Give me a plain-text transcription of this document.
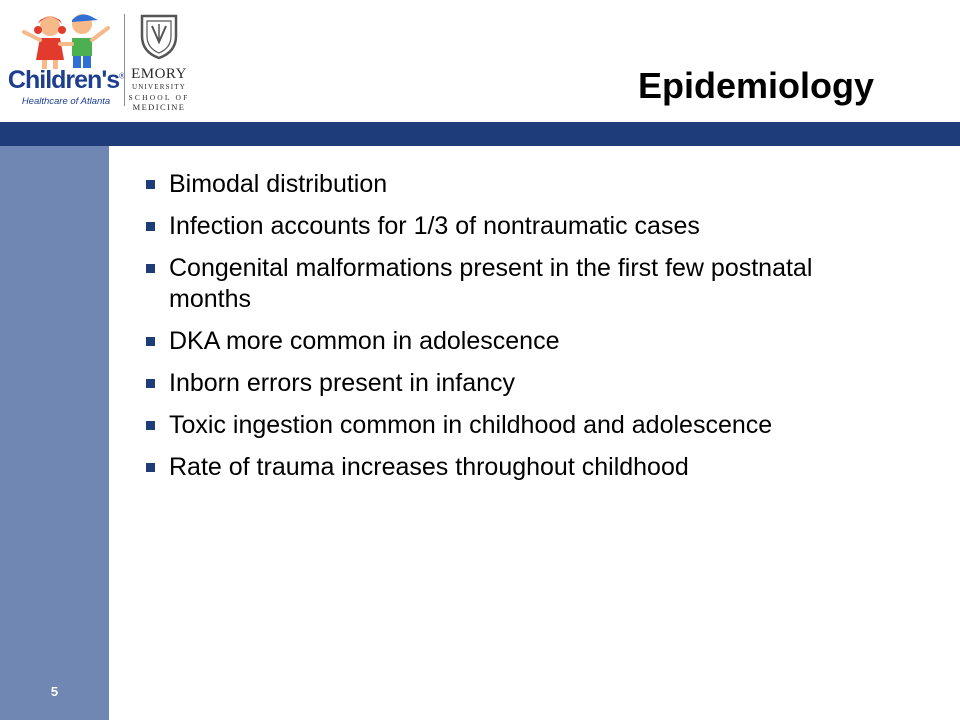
Children's®
Healthcare of Atlanta
EMORY
UNIVERSITY
SCHOOL OF
MEDICINE
Epidemiology
Bimodal distribution
Infection accounts for 1/3 of nontraumatic cases
Congenital malformations present in the first few postnatal months
DKA more common in adolescence
Inborn errors present in infancy
Toxic ingestion common in childhood and adolescence
Rate of trauma increases throughout childhood
5
